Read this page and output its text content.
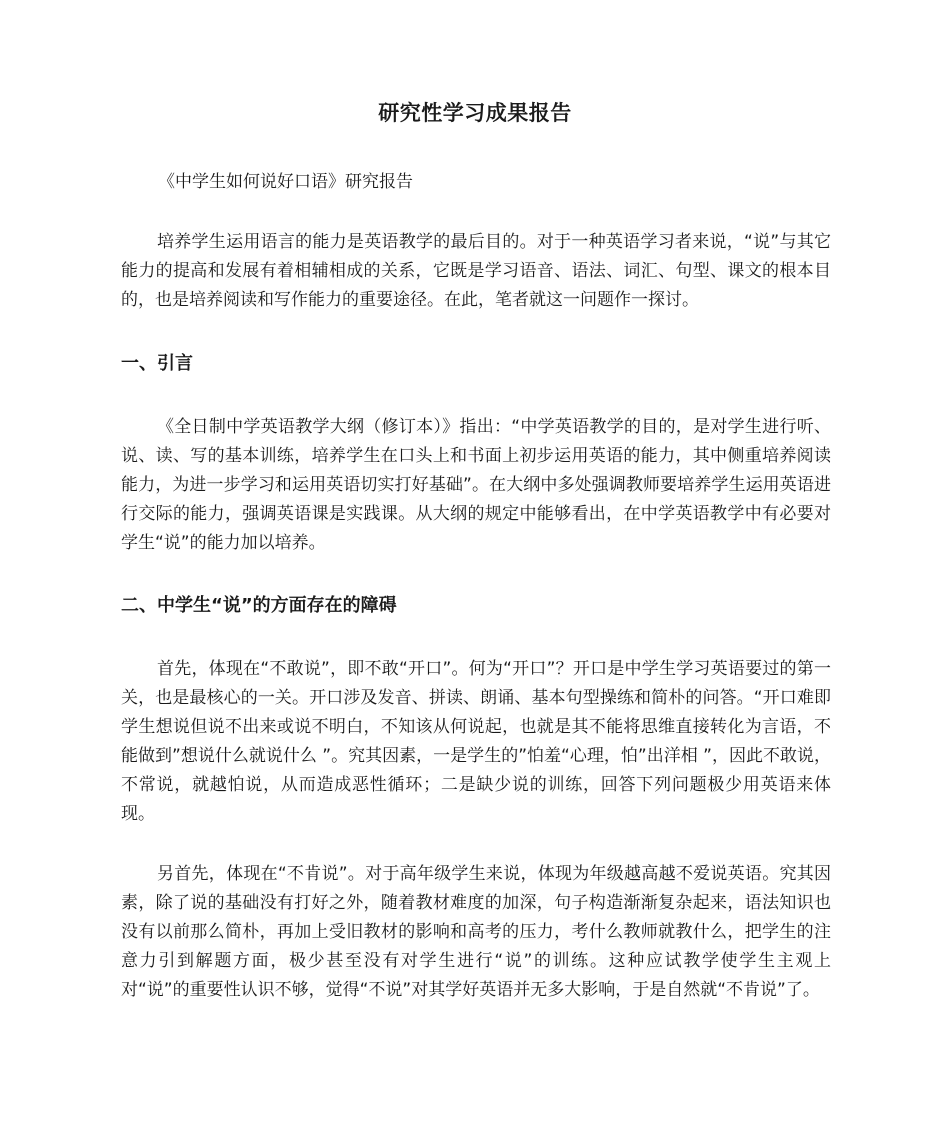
研究性学习成果报告
《中学生如何说好口语》研究报告

培养学生运用语言的能力是英语教学的最后目的。对于一种英语学习者来说，“说”与其它能力的提高和发展有着相辅相成的关系，它既是学习语音、语法、词汇、句型、课文的根本目的，也是培养阅读和写作能力的重要途径。在此，笔者就这一问题作一探讨。

一、引言

《全日制中学英语教学大纲（修订本）》指出：“中学英语教学的目的，是对学生进行听、说、读、写的基本训练，培养学生在口头上和书面上初步运用英语的能力，其中侧重培养阅读能力，为进一步学习和运用英语切实打好基础”。在大纲中多处强调教师要培养学生运用英语进行交际的能力，强调英语课是实践课。从大纲的规定中能够看出，在中学英语教学中有必要对学生“说”的能力加以培养。

二、中学生“说”的方面存在的障碍

首先，体现在“不敢说”，即不敢“开口”。何为“开口”？开口是中学生学习英语要过的第一关，也是最核心的一关。开口涉及发音、拼读、朗诵、基本句型操练和简朴的问答。“开口难即学生想说但说不出来或说不明白，不知该从何说起，也就是其不能将思维直接转化为言语，不能做到”想说什么就说什么 ”。究其因素，一是学生的”怕羞“心理，怕”出洋相 ”，因此不敢说，不常说，就越怕说，从而造成恶性循环；二是缺少说的训练，回答下列问题极少用英语来体现。

另首先，体现在“不肯说”。对于高年级学生来说，体现为年级越高越不爱说英语。究其因素，除了说的基础没有打好之外，随着教材难度的加深，句子构造渐渐复杂起来，语法知识也没有以前那么简朴，再加上受旧教材的影响和高考的压力，考什么教师就教什么，把学生的注意力引到解题方面，极少甚至没有对学生进行“说”的训练。这种应试教学使学生主观上对“说”的重要性认识不够，觉得“不说”对其学好英语并无多大影响，于是自然就“不肯说”了。
